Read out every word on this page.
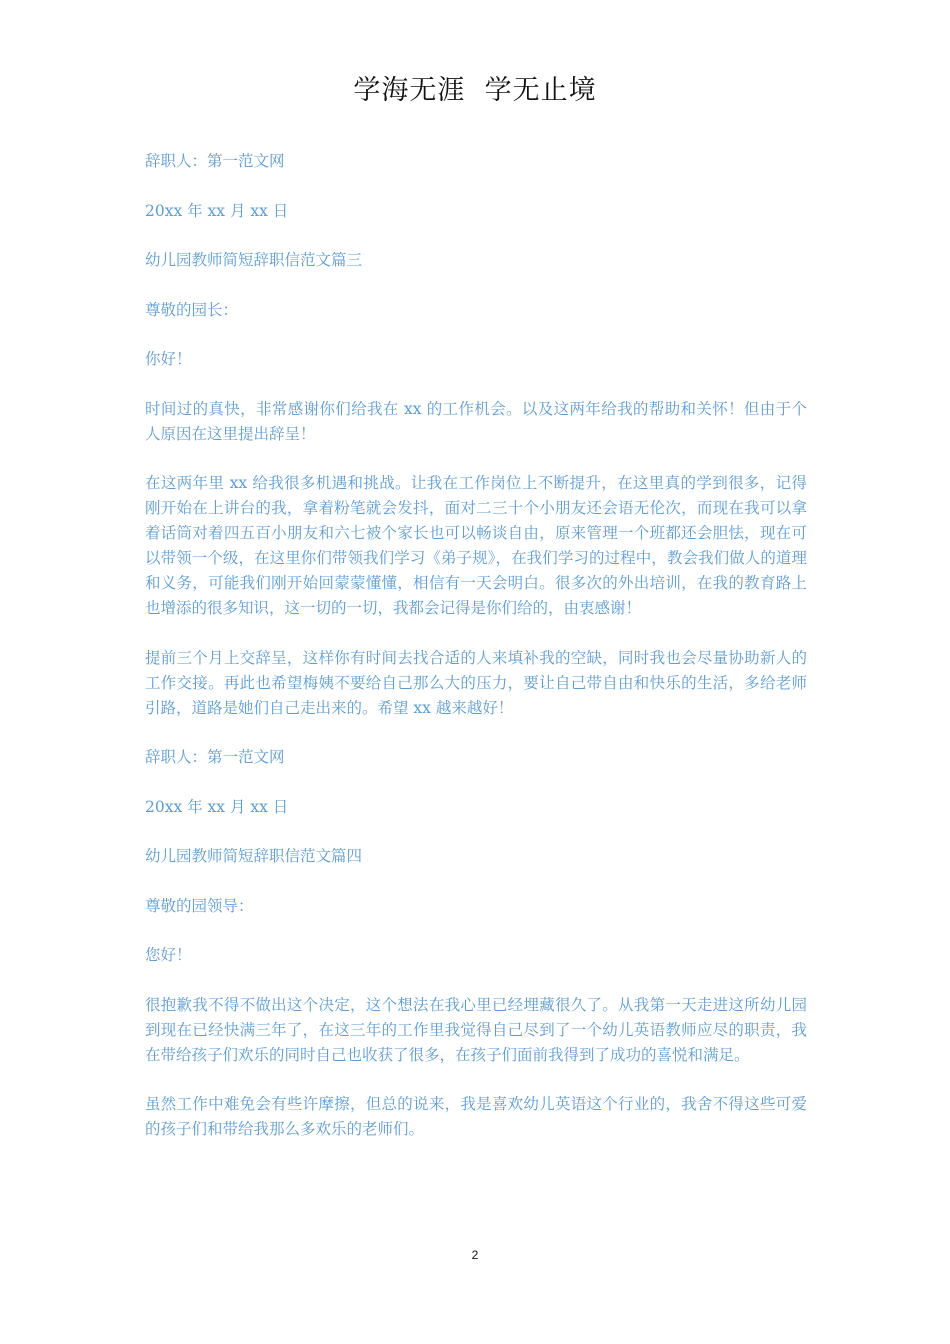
学海无涯  学无止境

辞职人：第一范文网

20xx 年 xx 月 xx 日

幼儿园教师简短辞职信范文篇三

尊敬的园长：

你好！

时间过的真快，非常感谢你们给我在 xx 的工作机会。以及这两年给我的帮助和关怀！但由于个人原因在这里提出辞呈！

在这两年里 xx 给我很多机遇和挑战。让我在工作岗位上不断提升，在这里真的学到很多，记得刚开始在上讲台的我，拿着粉笔就会发抖，面对二三十个小朋友还会语无伦次，而现在我可以拿着话筒对着四五百小朋友和六七被个家长也可以畅谈自由，原来管理一个班都还会胆怯，现在可以带领一个级，在这里你们带领我们学习《弟子规》，在我们学习的过程中，教会我们做人的道理和义务，可能我们刚开始回蒙蒙懂懂，相信有一天会明白。很多次的外出培训，在我的教育路上也增添的很多知识，这一切的一切，我都会记得是你们给的，由衷感谢！

提前三个月上交辞呈，这样你有时间去找合适的人来填补我的空缺，同时我也会尽量协助新人的工作交接。再此也希望梅姨不要给自己那么大的压力，要让自己带自由和快乐的生活，多给老师引路，道路是她们自己走出来的。希望 xx 越来越好！

辞职人：第一范文网

20xx 年 xx 月 xx 日

幼儿园教师简短辞职信范文篇四

尊敬的园领导：

您好！

很抱歉我不得不做出这个决定，这个想法在我心里已经埋藏很久了。从我第一天走进这所幼儿园到现在已经快满三年了，在这三年的工作里我觉得自己尽到了一个幼儿英语教师应尽的职责，我在带给孩子们欢乐的同时自己也收获了很多，在孩子们面前我得到了成功的喜悦和满足。

虽然工作中难免会有些许摩擦，但总的说来，我是喜欢幼儿英语这个行业的，我舍不得这些可爱的孩子们和带给我那么多欢乐的老师们。

2
